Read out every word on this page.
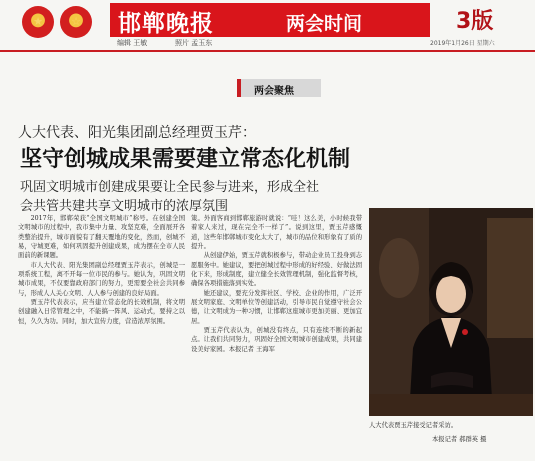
★	☆	邯郸晚报	两会时间	3版
编辑 王敏	照片 孟玉东	2019年1月26日 星期六
两会聚焦
人大代表、阳光集团副总经理贾玉芹：
坚守创城成果需要建立常态化机制
巩固文明城市创建成果要让全民参与进来，形成全社
会共管共建共享文明城市的浓厚氛围

2017年，邯郸荣获“全国文明城市”称号。在创建全国文明城市的过程中，我市集中力量、攻坚克难，全面展开各类整治提升，城市面貌有了翻天覆地的变化，然而，创城不易，守城更难，如何巩固提升创建成果，成为摆在全市人民面前的新课题。

市人大代表、阳光集团副总经理贾玉芹表示，创城是一项系统工程，离不开每一位市民的参与。她认为，巩固文明城市成果，不仅要靠政府部门的努力，更需要全社会共同参与，形成人人关心文明、人人参与创建的良好局面。

贾玉芹代表表示，应当建立常态化的长效机制，将文明创建融入日常管理之中，不能搞一阵风、运动式，要持之以恒，久久为功。同时，加大宣传力度，营造浓厚氛围。

策。外面客商到邯郸旅游时就说：“哇！这么美，小时候我带着家人来过，现在完全不一样了”。说到这里，贾玉芹感慨道，这些年邯郸城市变化太大了，城市的品位和形象有了质的提升。

从创建伊始，贾玉芹就积极参与，带动企业员工投身到志愿服务中。她建议，要把创城过程中形成的好经验、好做法固化下来，形成制度，建立健全长效管理机制，强化监督考核，确保各项措施落到实处。

她还建议，要充分发挥社区、学校、企业的作用，广泛开展文明家庭、文明单位等创建活动，引导市民自觉遵守社会公德，让文明成为一种习惯，让邯郸这座城市更加美丽、更加宜居。

贾玉芹代表认为，创城没有终点，只有连续不断的新起点。让我们共同努力，巩固好全国文明城市创建成果，共同建设美好家园。本报记者 王海军

人大代表贾玉芹接受记者采访。
本报记者 郝群英 摄
